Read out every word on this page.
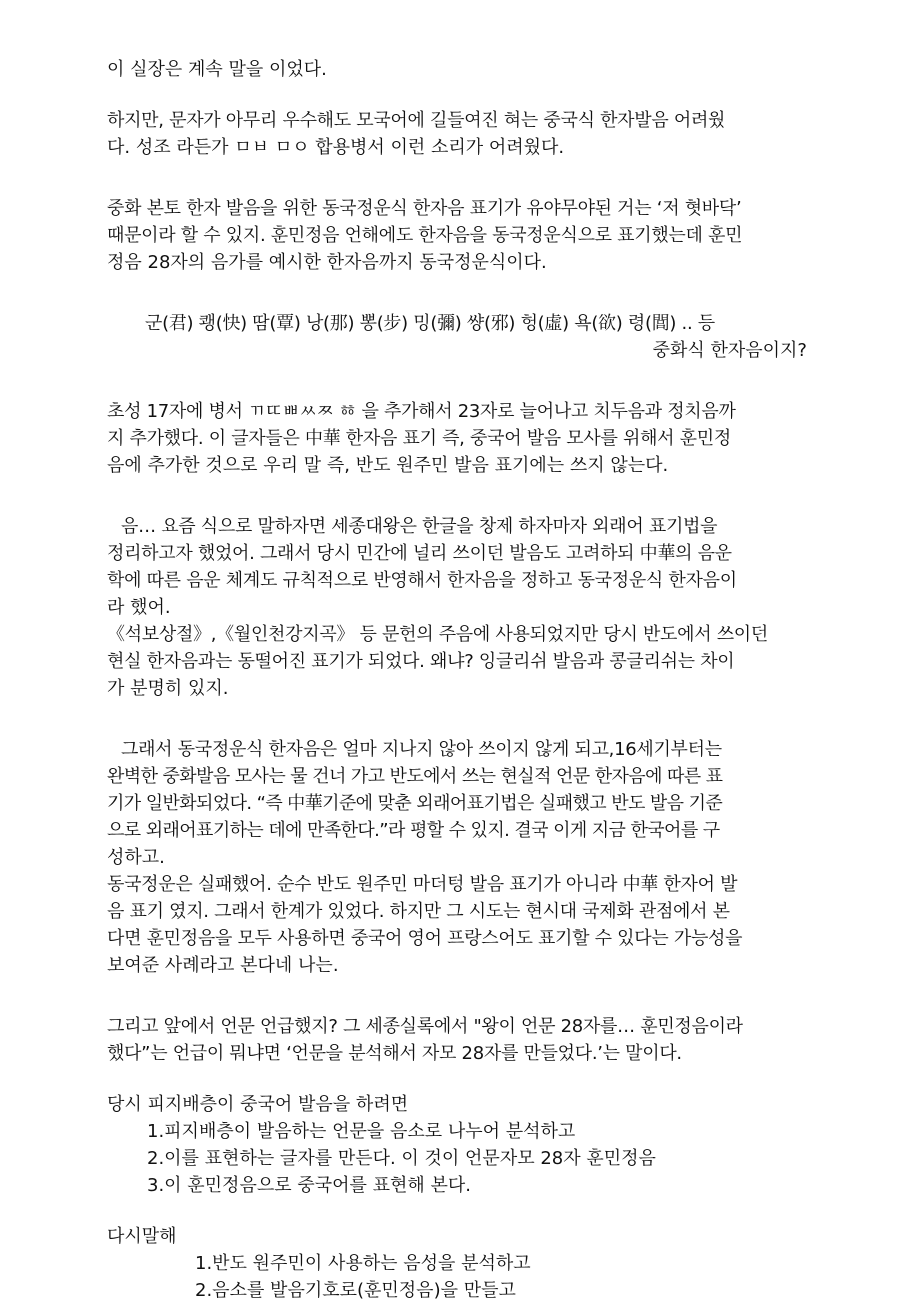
이 실장은 계속 말을 이었다.
하지만, 문자가 아무리 우수해도 모국어에 길들여진 혀는 중국식 한자발음 어려웠
다. 성조 라든가 ㅁㅂ ㅁㅇ 합용병서 이런 소리가 어려웠다.
중화 본토 한자 발음을 위한 동국정운식 한자음 표기가 유야무야된 거는 ‘저 혓바닥’
때문이라 할 수 있지. 훈민정음 언해에도 한자음을 동국정운식으로 표기했는데 훈민
정음 28자의 음가를 예시한 한자음까지 동국정운식이다.
군(君) 쾡(快) 땀(覃) 낭(那) 뽕(步) 밍(彌) 썅(邪) 헝(虛) 욕(欲) 령(閭) .. 등
중화식 한자음이지?
초성 17자에 병서 ㄲㄸㅃㅆㅉ ㆅ 을 추가해서 23자로 늘어나고 치두음과 정치음까
지 추가했다. 이 글자들은 中華 한자음 표기 즉, 중국어 발음 모사를 위해서 훈민정
음에 추가한 것으로 우리 말 즉, 반도 원주민 발음 표기에는 쓰지 않는다.
음… 요즘 식으로 말하자면 세종대왕은 한글을 창제 하자마자 외래어 표기법을
정리하고자 했었어. 그래서 당시 민간에 널리 쓰이던 발음도 고려하되 中華의 음운
학에 따른 음운 체계도 규칙적으로 반영해서 한자음을 정하고 동국정운식 한자음이
라 했어.
《석보상절》,《월인천강지곡》 등 문헌의 주음에 사용되었지만 당시 반도에서 쓰이던
현실 한자음과는 동떨어진 표기가 되었다. 왜냐? 잉글리쉬 발음과 콩글리쉬는 차이
가 분명히 있지.
그래서 동국정운식 한자음은 얼마 지나지 않아 쓰이지 않게 되고,16세기부터는
완벽한 중화발음 모사는 물 건너 가고 반도에서 쓰는 현실적 언문 한자음에 따른 표
기가 일반화되었다. “즉 中華기준에 맞춘 외래어표기법은 실패했고 반도 발음 기준
으로 외래어표기하는 데에 만족한다.”라 평할 수 있지. 결국 이게 지금 한국어를 구
성하고.
동국정운은 실패했어. 순수 반도 원주민 마더텅 발음 표기가 아니라 中華 한자어 발
음 표기 였지. 그래서 한계가 있었다. 하지만 그 시도는 현시대 국제화 관점에서 본
다면 훈민정음을 모두 사용하면 중국어 영어 프랑스어도 표기할 수 있다는 가능성을
보여준 사례라고 본다네 나는.
그리고 앞에서 언문 언급했지? 그 세종실록에서 "왕이 언문 28자를… 훈민정음이라
했다”는 언급이 뭐냐면 ‘언문을 분석해서 자모 28자를 만들었다.’는 말이다.
당시 피지배층이 중국어 발음을 하려면
1.피지배층이 발음하는 언문을 음소로 나누어 분석하고
2.이를 표현하는 글자를 만든다. 이 것이 언문자모 28자 훈민정음
3.이 훈민정음으로 중국어를 표현해 본다.
다시말해
1.반도 원주민이 사용하는 음성을 분석하고
2.음소를 발음기호로(훈민정음)을 만들고
